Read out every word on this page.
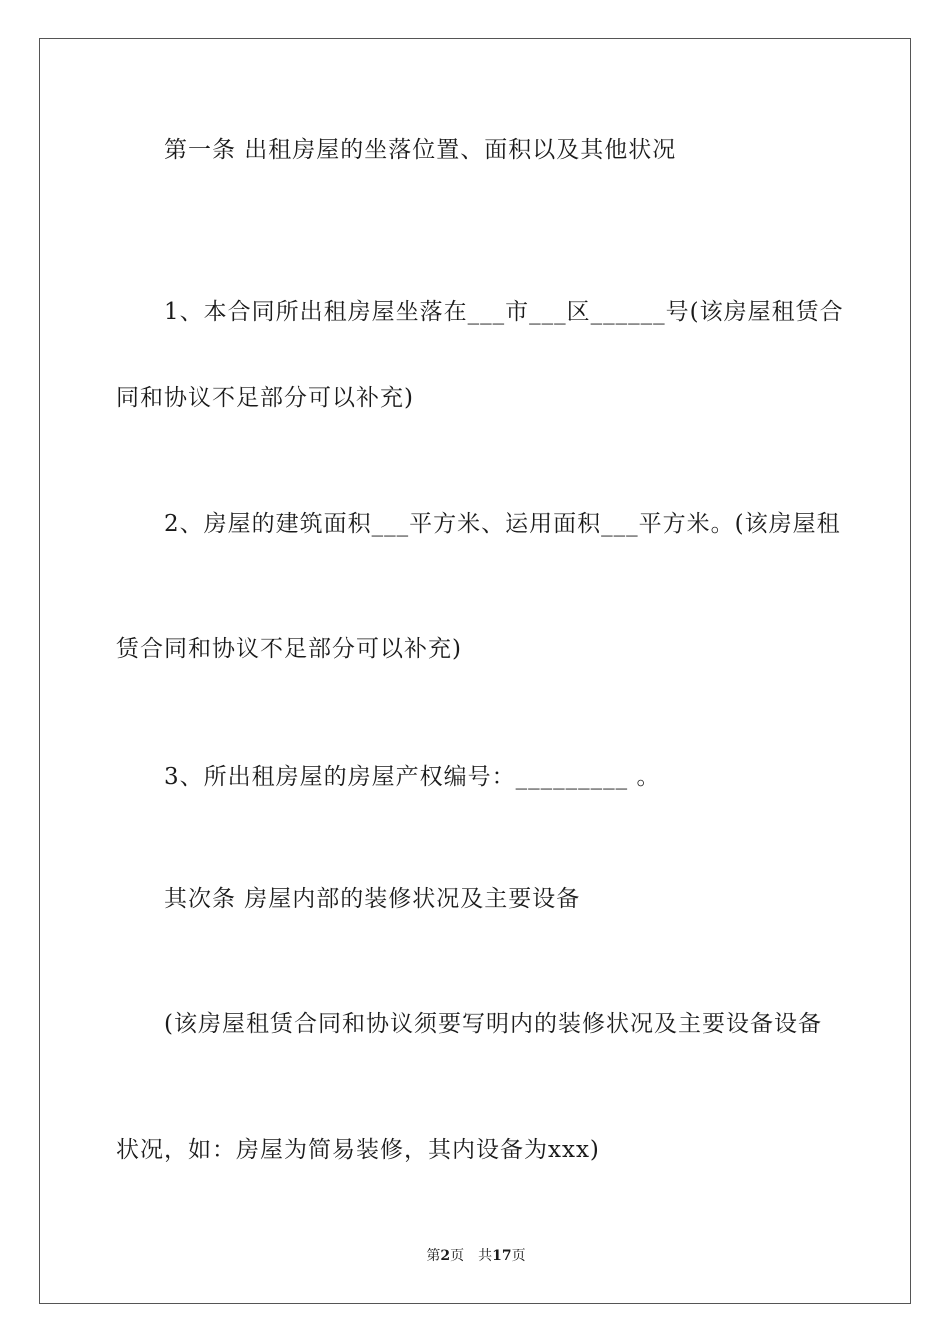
第一条 出租房屋的坐落位置、面积以及其他状况
1、本合同所出租房屋坐落在___市___区______号(该房屋租赁合
同和协议不足部分可以补充)
2、房屋的建筑面积___平方米、运用面积___平方米。(该房屋租
赁合同和协议不足部分可以补充)
3、所出租房屋的房屋产权编号：_________ 。
其次条 房屋内部的装修状况及主要设备
(该房屋租赁合同和协议须要写明内的装修状况及主要设备设备
状况，如：房屋为简易装修，其内设备为xxx)
第2页　共17页
